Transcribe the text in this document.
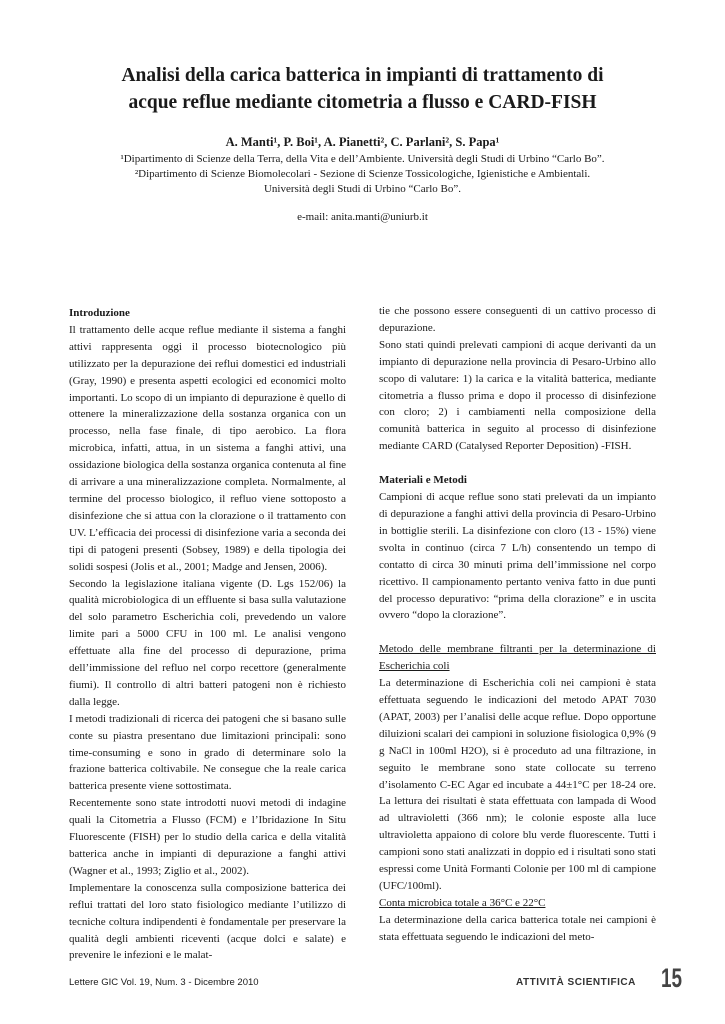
Analisi della carica batterica in impianti di trattamento di
acque reflue mediante citometria a flusso e CARD-FISH
A. Manti¹, P. Boi¹, A. Pianetti², C. Parlani², S. Papa¹
¹Dipartimento di Scienze della Terra, della Vita e dell’Ambiente. Università degli Studi di Urbino “Carlo Bo”.
²Dipartimento di Scienze Biomolecolari - Sezione di Scienze Tossicologiche, Igienistiche e Ambientali.
Università degli Studi di Urbino “Carlo Bo”.
e-mail: anita.manti@uniurb.it

Introduzione

Il trattamento delle acque reflue mediante il sistema a fanghi attivi rappresenta oggi il processo biotecnologico più utilizzato per la depurazione dei reflui domestici ed industriali (Gray, 1990) e presenta aspetti ecologici ed economici molto importanti. Lo scopo di un impianto di depurazione è quello di ottenere la mineralizzazione della sostanza organica con un processo, nella fase finale, di tipo aerobico. La flora microbica, infatti, attua, in un sistema a fanghi attivi, una ossidazione biologica della sostanza organica contenuta al fine di arrivare a una mineralizzazione completa. Normalmente, al termine del processo biologico, il refluo viene sottoposto a disinfezione che si attua con la clorazione o il trattamento con UV. L’efficacia dei processi di disinfezione varia a seconda dei tipi di patogeni presenti (Sobsey, 1989) e della tipologia dei solidi sospesi (Jolis et al., 2001; Madge and Jensen, 2006).

Secondo la legislazione italiana vigente (D. Lgs 152/06) la qualità microbiologica di un effluente si basa sulla valutazione del solo parametro Escherichia coli, prevedendo un valore limite pari a 5000 CFU in 100 ml. Le analisi vengono effettuate alla fine del processo di depurazione, prima dell’immissione del refluo nel corpo recettore (generalmente fiumi). Il controllo di altri batteri patogeni non è richiesto dalla legge.

I metodi tradizionali di ricerca dei patogeni che si basano sulle conte su piastra presentano due limitazioni principali: sono time-consuming e sono in grado di determinare solo la frazione batterica coltivabile. Ne consegue che la reale carica batterica presente viene sottostimata.

Recentemente sono state introdotti nuovi metodi di indagine quali la Citometria a Flusso (FCM) e l’Ibridazione In Situ Fluorescente (FISH) per lo studio della carica e della vitalità batterica anche in impianti di depurazione a fanghi attivi (Wagner et al., 1993; Ziglio et al., 2002).

Implementare la conoscenza sulla composizione batterica dei reflui trattati del loro stato fisiologico mediante l’utilizzo di tecniche coltura indipendenti è fondamentale per preservare la qualità degli ambienti riceventi (acque dolci e salate) e prevenire le infezioni e le malat-

tie che possono essere conseguenti di un cattivo processo di depurazione.

Sono stati quindi prelevati campioni di acque derivanti da un impianto di depurazione nella provincia di Pesaro-Urbino allo scopo di valutare: 1) la carica e la vitalità batterica, mediante citometria a flusso prima e dopo il processo di disinfezione con cloro; 2) i cambiamenti nella composizione della comunità batterica in seguito al processo di disinfezione mediante CARD (Catalysed Reporter Deposition) -FISH.

Materiali e Metodi

Campioni di acque reflue sono stati prelevati da un impianto di depurazione a fanghi attivi della provincia di Pesaro-Urbino in bottiglie sterili. La disinfezione con cloro (13 - 15%) viene svolta in continuo (circa 7 L/h) consentendo un tempo di contatto di circa 30 minuti prima dell’immissione nel corpo ricettivo. Il campionamento pertanto veniva fatto in due punti del processo depurativo: “prima della clorazione” e in uscita ovvero “dopo la clorazione”.

Metodo delle membrane filtranti per la determinazione di Escherichia coli

La determinazione di Escherichia coli nei campioni è stata effettuata seguendo le indicazioni del metodo APAT 7030 (APAT, 2003) per l’analisi delle acque reflue. Dopo opportune diluizioni scalari dei campioni in soluzione fisiologica 0,9% (9 g NaCl in 100ml H2O), si è proceduto ad una filtrazione, in seguito le membrane sono state collocate su terreno d’isolamento C-EC Agar ed incubate a 44±1°C per 18-24 ore. La lettura dei risultati è stata effettuata con lampada di Wood ad ultravioletti (366 nm); le colonie esposte alla luce ultravioletta appaiono di colore blu verde fluorescente. Tutti i campioni sono stati analizzati in doppio ed i risultati sono stati espressi come Unità Formanti Colonie per 100 ml di campione (UFC/100ml).

Conta microbica totale a 36°C e 22°C

La determinazione della carica batterica totale nei campioni è stata effettuata seguendo le indicazioni del meto-

Lettere GIC Vol. 19, Num. 3 - Dicembre 2010	ATTIVITÀ SCIENTIFICA 15
